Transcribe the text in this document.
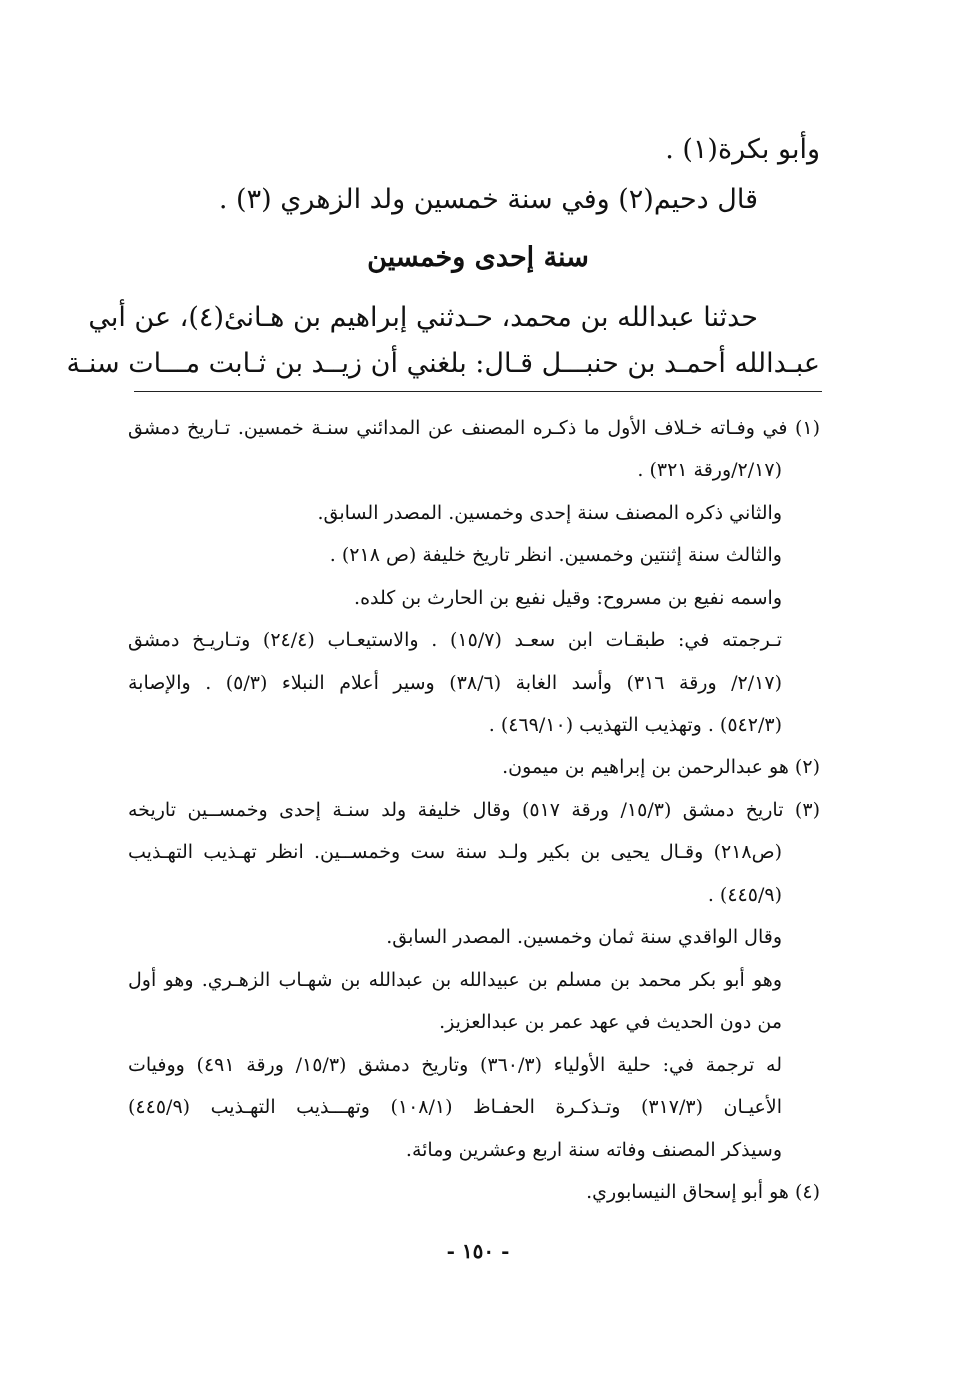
وأبو بكرة(١) .
قال دحيم(٢) وفي سنة خمسين ولد الزهري (٣) .
سنة إحدى وخمسين
حدثنا عبدالله بن محمد، حـدثني إبراهيم بن هـانئ(٤)، عن أبي
عبـدالله أحمـد بن حنبـــل قـال: بلغني أن زيــد بن ثـابت مـــات سنـة
(١) في وفـاته خـلاف الأول ما ذكـره المصنف عن المدائني سنـة خمسين. تـاريخ دمشق
(٢/١٧/ورقة ٣٢١) .
والثاني ذكره المصنف سنة إحدى وخمسين. المصدر السابق.
والثالث سنة إثنتين وخمسين. انظر تاريخ خليفة (ص ٢١٨) .
واسمه نفيع بن مسروح: وقيل نفيع بن الحارث بن كلده.
تـرجمته في: طبقـات ابن سعـد (١٥/٧) . والاستيعـاب (٢٤/٤) وتـاريـخ دمشق
(٢/١٧/ ورقة ٣١٦) وأسد الغابة (٣٨/٦) وسير أعلام النبلاء (٥/٣) . والإصابة
(٥٤٢/٣) . وتهذيب التهذيب (٤٦٩/١٠) .
(٢) هو عبدالرحمن بن إبراهيم بن ميمون.
(٣) تاريخ دمشق (١٥/٣/ ورقة ٥١٧) وقال خليفة ولد سنـة إحدى وخمســين تاريخه
(ص٢١٨) وقـال يحيى بن بكير ولـد سنة ست وخمســين. انظر تهـذيب التهـذيب
(٤٤٥/٩) .
وقال الواقدي سنة ثمان وخمسين. المصدر السابق.
وهو أبو بكر محمد بن مسلم بن عبيدالله بن عبدالله بن شهـاب الزهـري. وهو أول
من دون الحديث في عهد عمر بن عبدالعزيز.
له ترجمة في: حلية الأولياء (٣٦٠/٣) وتاريخ دمشق (١٥/٣/ ورقة ٤٩١) ووفيات
الأعيـان (٣١٧/٣) وتـذكـرة الحفـاظ (١٠٨/١) وتهـــذيب التهـذيب (٤٤٥/٩)
وسيذكر المصنف وفاته سنة اربع وعشرين ومائة.
(٤) هو أبو إسحاق النيسابوري.
- ١٥٠ -
